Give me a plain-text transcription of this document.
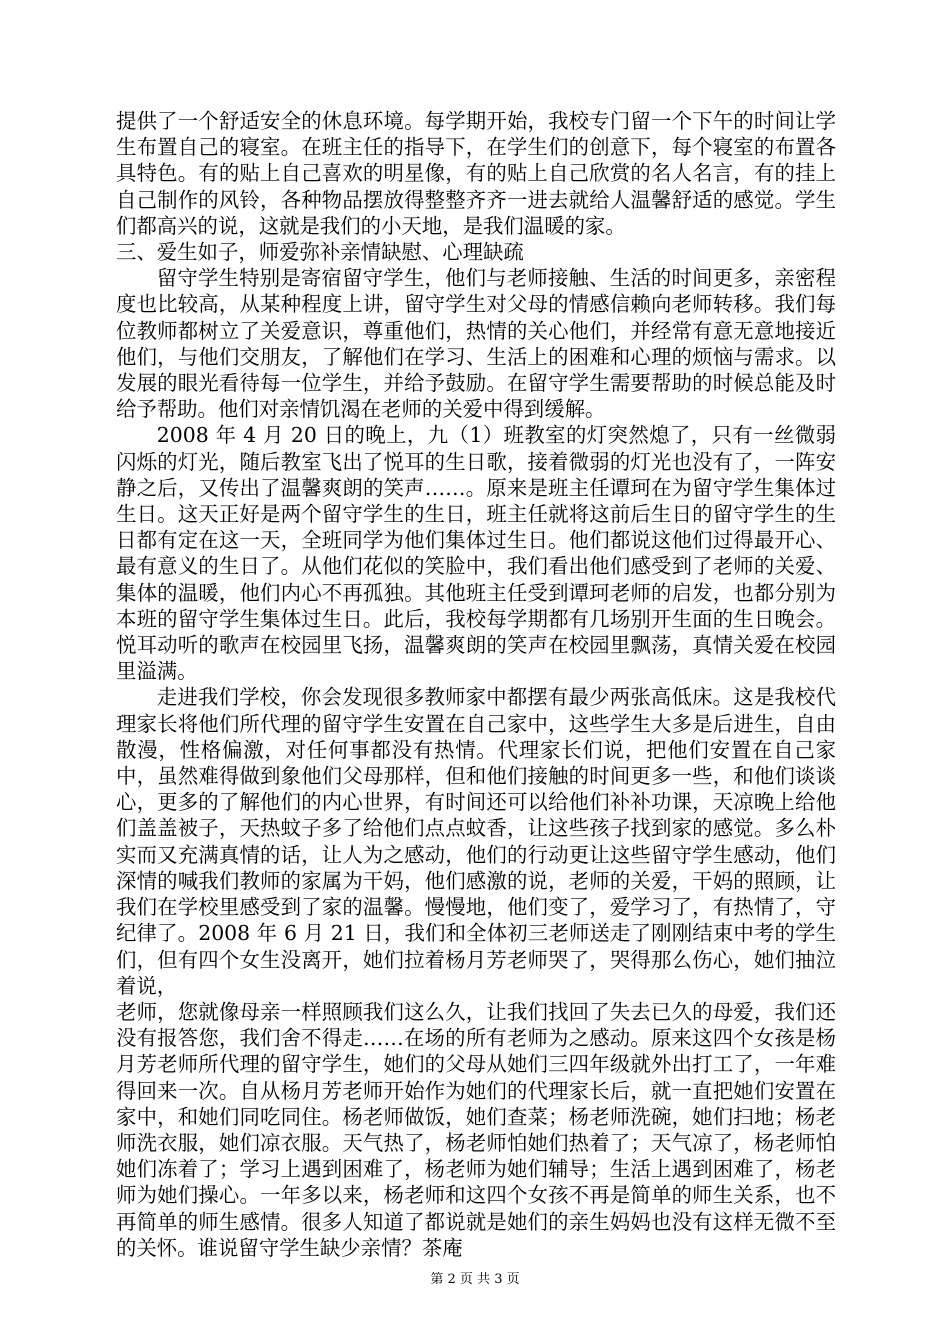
提供了一个舒适安全的休息环境。每学期开始，我校专门留一个下午的时间让学生布置自己的寝室。在班主任的指导下，在学生们的创意下，每个寝室的布置各具特色。有的贴上自己喜欢的明星像，有的贴上自己欣赏的名人名言，有的挂上自己制作的风铃，各种物品摆放得整整齐齐一进去就给人温馨舒适的感觉。学生们都高兴的说，这就是我们的小天地，是我们温暖的家。

三、爱生如子，师爱弥补亲情缺慰、心理缺疏

留守学生特别是寄宿留守学生，他们与老师接触、生活的时间更多，亲密程度也比较高，从某种程度上讲，留守学生对父母的情感信赖向老师转移。我们每位教师都树立了关爱意识，尊重他们，热情的关心他们，并经常有意无意地接近他们，与他们交朋友，了解他们在学习、生活上的困难和心理的烦恼与需求。以发展的眼光看待每一位学生，并给予鼓励。在留守学生需要帮助的时候总能及时给予帮助。他们对亲情饥渴在老师的关爱中得到缓解。

2008 年 4 月 20 日的晚上，九（1）班教室的灯突然熄了，只有一丝微弱闪烁的灯光，随后教室飞出了悦耳的生日歌，接着微弱的灯光也没有了，一阵安静之后，又传出了温馨爽朗的笑声……。原来是班主任谭珂在为留守学生集体过生日。这天正好是两个留守学生的生日，班主任就将这前后生日的留守学生的生日都有定在这一天，全班同学为他们集体过生日。他们都说这他们过得最开心、最有意义的生日了。从他们花似的笑脸中，我们看出他们感受到了老师的关爱、集体的温暖，他们内心不再孤独。其他班主任受到谭珂老师的启发，也都分别为本班的留守学生集体过生日。此后，我校每学期都有几场别开生面的生日晚会。悦耳动听的歌声在校园里飞扬，温馨爽朗的笑声在校园里飘荡，真情关爱在校园里溢满。

走进我们学校，你会发现很多教师家中都摆有最少两张高低床。这是我校代理家长将他们所代理的留守学生安置在自己家中，这些学生大多是后进生，自由散漫，性格偏激，对任何事都没有热情。代理家长们说，把他们安置在自己家中，虽然难得做到象他们父母那样，但和他们接触的时间更多一些，和他们谈谈心，更多的了解他们的内心世界，有时间还可以给他们补补功课，天凉晚上给他们盖盖被子，天热蚊子多了给他们点点蚊香，让这些孩子找到家的感觉。多么朴实而又充满真情的话，让人为之感动，他们的行动更让这些留守学生感动，他们深情的喊我们教师的家属为干妈，他们感激的说，老师的关爱，干妈的照顾，让我们在学校里感受到了家的温馨。慢慢地，他们变了，爱学习了，有热情了，守纪律了。2008 年 6 月 21 日，我们和全体初三老师送走了刚刚结束中考的学生们，但有四个女生没离开，她们拉着杨月芳老师哭了，哭得那么伤心，她们抽泣着说，

老师，您就像母亲一样照顾我们这么久，让我们找回了失去已久的母爱，我们还没有报答您，我们舍不得走……在场的所有老师为之感动。原来这四个女孩是杨月芳老师所代理的留守学生，她们的父母从她们三四年级就外出打工了，一年难得回来一次。自从杨月芳老师开始作为她们的代理家长后，就一直把她们安置在家中，和她们同吃同住。杨老师做饭，她们查菜；杨老师洗碗，她们扫地；杨老师洗衣服，她们凉衣服。天气热了，杨老师怕她们热着了；天气凉了，杨老师怕她们冻着了；学习上遇到困难了，杨老师为她们辅导；生活上遇到困难了，杨老师为她们操心。一年多以来，杨老师和这四个女孩不再是简单的师生关系，也不再简单的师生感情。很多人知道了都说就是她们的亲生妈妈也没有这样无微不至的关怀。谁说留守学生缺少亲情？茶庵

第 2 页 共 3 页
